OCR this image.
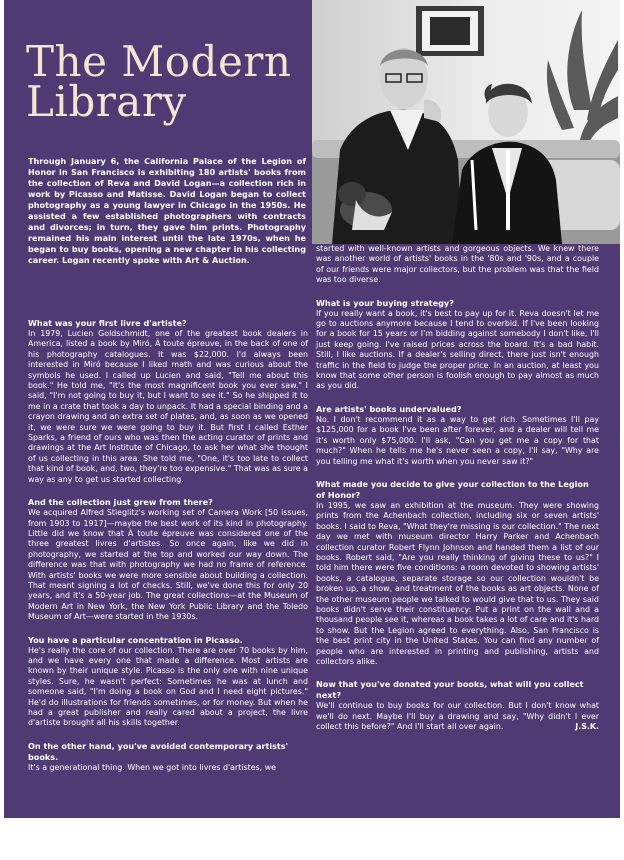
The Modern
Library

Through January 6, the California Palace of the Legion of Honor in San Francisco is exhibiting 180 artists' books from the collection of Reva and David Logan—a collection rich in work by Picasso and Matisse. David Logan began to collect photography as a young lawyer in Chicago in the 1950s. He assisted a few established photographers with contracts and divorces; in turn, they gave him prints. Photography remained his main interest until the late 1970s, when he began to buy books, opening a new chapter in his collecting career. Logan recently spoke with Art & Auction.

What was your first livre d'artiste?

In 1979, Lucien Goldschmidt, one of the greatest book dealers in America, listed a book by Miró, À toute épreuve, in the back of one of his photography catalogues. It was $22,000. I'd always been interested in Miró because I liked math and was curious about the symbols he used. I called up Lucien and said, "Tell me about this book." He told me, "It's the most magnificent book you ever saw." I said, "I'm not going to buy it, but I want to see it." So he shipped it to me in a crate that took a day to unpack. It had a special binding and a crayon drawing and an extra set of plates, and, as soon as we opened it, we were sure we were going to buy it. But first I called Esther Sparks, a friend of ours who was then the acting curator of prints and drawings at the Art Institute of Chicago, to ask her what she thought of us collecting in this area. She told me, "One, it's too late to collect that kind of book, and, two, they're too expensive." That was as sure a way as any to get us started collecting.

And the collection just grew from there?

We acquired Alfred Stieglitz's working set of Camera Work [50 issues, from 1903 to 1917]—maybe the best work of its kind in photography. Little did we know that À toute épreuve was considered one of the three greatest livres d'artistes. So once again, like we did in photography, we started at the top and worked our way down. The difference was that with photography we had no frame of reference. With artists' books we were more sensible about building a collection. That meant signing a lot of checks. Still, we've done this for only 20 years, and it's a 50-year job. The great collections—at the Museum of Modern Art in New York, the New York Public Library and the Toledo Museum of Art—were started in the 1930s.

You have a particular concentration in Picasso.

He's really the core of our collection. There are over 70 books by him, and we have every one that made a difference. Most artists are known by their unique style. Picasso is the only one with nine unique styles. Sure, he wasn't perfect: Sometimes he was at lunch and someone said, "I'm doing a book on God and I need eight pictures." He'd do illustrations for friends sometimes, or for money. But when he had a great publisher and really cared about a project, the livre d'artiste brought all his skills together.

On the other hand, you've avoided contemporary artists' books.

It's a generational thing. When we got into livres d'artistes, we

started with well-known artists and gorgeous objects. We knew there was another world of artists' books in the '80s and '90s, and a couple of our friends were major collectors, but the problem was that the field was too diverse.

What is your buying strategy?

If you really want a book, it's best to pay up for it. Reva doesn't let me go to auctions anymore because I tend to overbid. If I've been looking for a book for 15 years or I'm bidding against somebody I don't like, I'll just keep going. I've raised prices across the board. It's a bad habit. Still, I like auctions. If a dealer's selling direct, there just isn't enough traffic in the field to judge the proper price. In an auction, at least you know that some other person is foolish enough to pay almost as much as you did.

Are artists' books undervalued?

No. I don't recommend it as a way to get rich. Sometimes I'll pay $125,000 for a book I've been after forever, and a dealer will tell me it's worth only $75,000. I'll ask, "Can you get me a copy for that much?" When he tells me he's never seen a copy, I'll say, "Why are you telling me what it's worth when you never saw it?"

What made you decide to give your collection to the Legion of Honor?

In 1995, we saw an exhibition at the museum. They were showing prints from the Achenbach collection, including six or seven artists' books. I said to Reva, "What they're missing is our collection." The next day we met with museum director Harry Parker and Achenbach collection curator Robert Flynn Johnson and handed them a list of our books. Robert said, "Are you really thinking of giving these to us?" I told him there were five conditions: a room devoted to showing artists' books, a catalogue, separate storage so our collection wouldn't be broken up, a show, and treatment of the books as art objects. None of the other museum people we talked to would give that to us. They said books didn't serve their constituency: Put a print on the wall and a thousand people see it, whereas a book takes a lot of care and it's hard to show. But the Legion agreed to everything. Also, San Francisco is the best print city in the United States. You can find any number of people who are interested in printing and publishing, artists and collectors alike.

Now that you've donated your books, what will you collect next?

We'll continue to buy books for our collection. But I don't know what we'll do next. Maybe I'll buy a drawing and say, "Why didn't I ever collect this before?" And I'll start all over again.	J.S.K.
